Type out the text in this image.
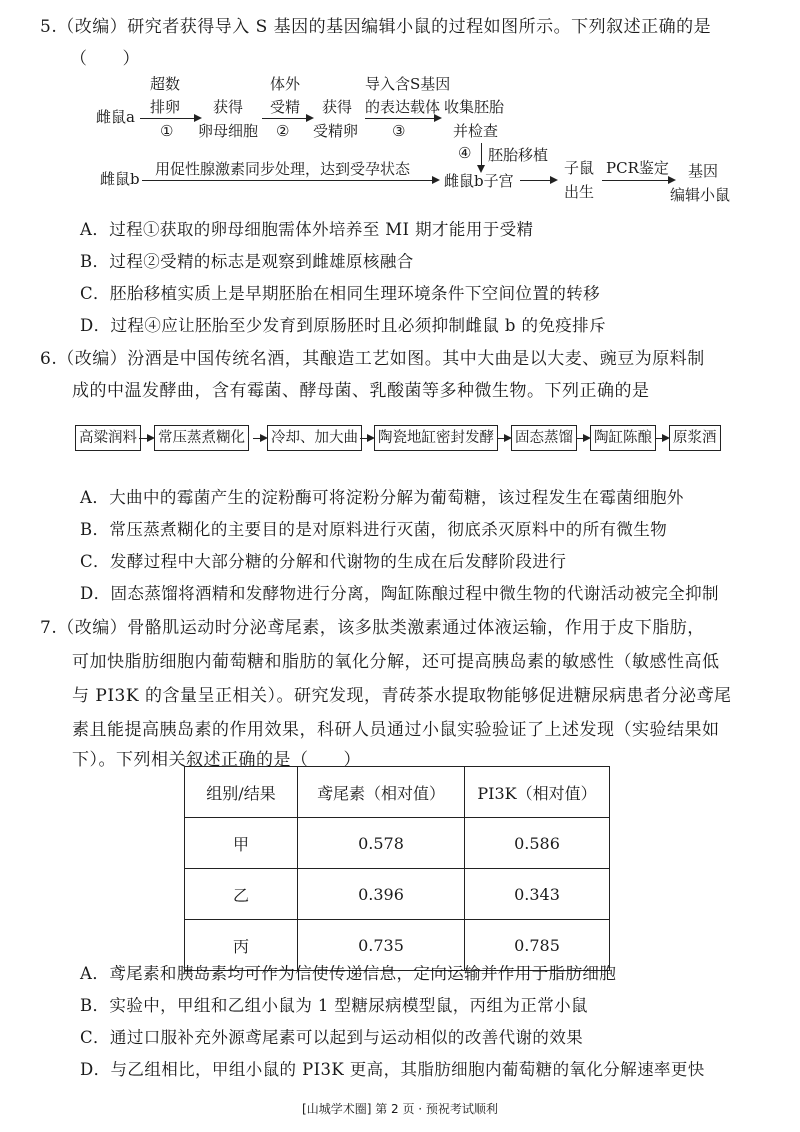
5.（改编）研究者获得导入 S 基因的基因编辑小鼠的过程如图所示。下列叙述正确的是
（　　）
雌鼠a
超数
排卵
①
获得
卵母细胞
体外
受精
②
获得
受精卵
导入含S基因
的表达载体
③
收集胚胎
并检查
④ 胚胎移植
雌鼠b
用促性腺激素同步处理，达到受孕状态
雌鼠b子宫
子鼠
出生
PCR鉴定 基因
编辑小鼠
A．过程①获取的卵母细胞需体外培养至 MⅠ 期才能用于受精
B．过程②受精的标志是观察到雌雄原核融合
C．胚胎移植实质上是早期胚胎在相同生理环境条件下空间位置的转移
D．过程④应让胚胎至少发育到原肠胚时且必须抑制雌鼠 b 的免疫排斥
6.（改编）汾酒是中国传统名酒，其酿造工艺如图。其中大曲是以大麦、豌豆为原料制
成的中温发酵曲，含有霉菌、酵母菌、乳酸菌等多种微生物。下列正确的是
高粱润料 常压蒸煮糊化 冷却、加大曲 陶瓷地缸密封发酵 固态蒸馏 陶缸陈酿 原浆酒
A．大曲中的霉菌产生的淀粉酶可将淀粉分解为葡萄糖，该过程发生在霉菌细胞外
B．常压蒸煮糊化的主要目的是对原料进行灭菌，彻底杀灭原料中的所有微生物
C．发酵过程中大部分糖的分解和代谢物的生成在后发酵阶段进行
D．固态蒸馏将酒精和发酵物进行分离，陶缸陈酿过程中微生物的代谢活动被完全抑制
7.（改编）骨骼肌运动时分泌鸢尾素，该多肽类激素通过体液运输，作用于皮下脂肪，
可加快脂肪细胞内葡萄糖和脂肪的氧化分解，还可提高胰岛素的敏感性（敏感性高低
与 PI3K 的含量呈正相关）。研究发现，青砖茶水提取物能够促进糖尿病患者分泌鸢尾
素且能提高胰岛素的作用效果，科研人员通过小鼠实验验证了上述发现（实验结果如
下）。下列相关叙述正确的是（　　）
组别/结果	鸢尾素（相对值）	PI3K（相对值）
甲	0.578	0.586
乙	0.396	0.343
丙	0.735	0.785
A．鸢尾素和胰岛素均可作为信使传递信息，定向运输并作用于脂肪细胞
B．实验中，甲组和乙组小鼠为 1 型糖尿病模型鼠，丙组为正常小鼠
C．通过口服补充外源鸢尾素可以起到与运动相似的改善代谢的效果
D．与乙组相比，甲组小鼠的 PI3K 更高，其脂肪细胞内葡萄糖的氧化分解速率更快
[山城学术圈] 第 2 页 · 预祝考试顺利
